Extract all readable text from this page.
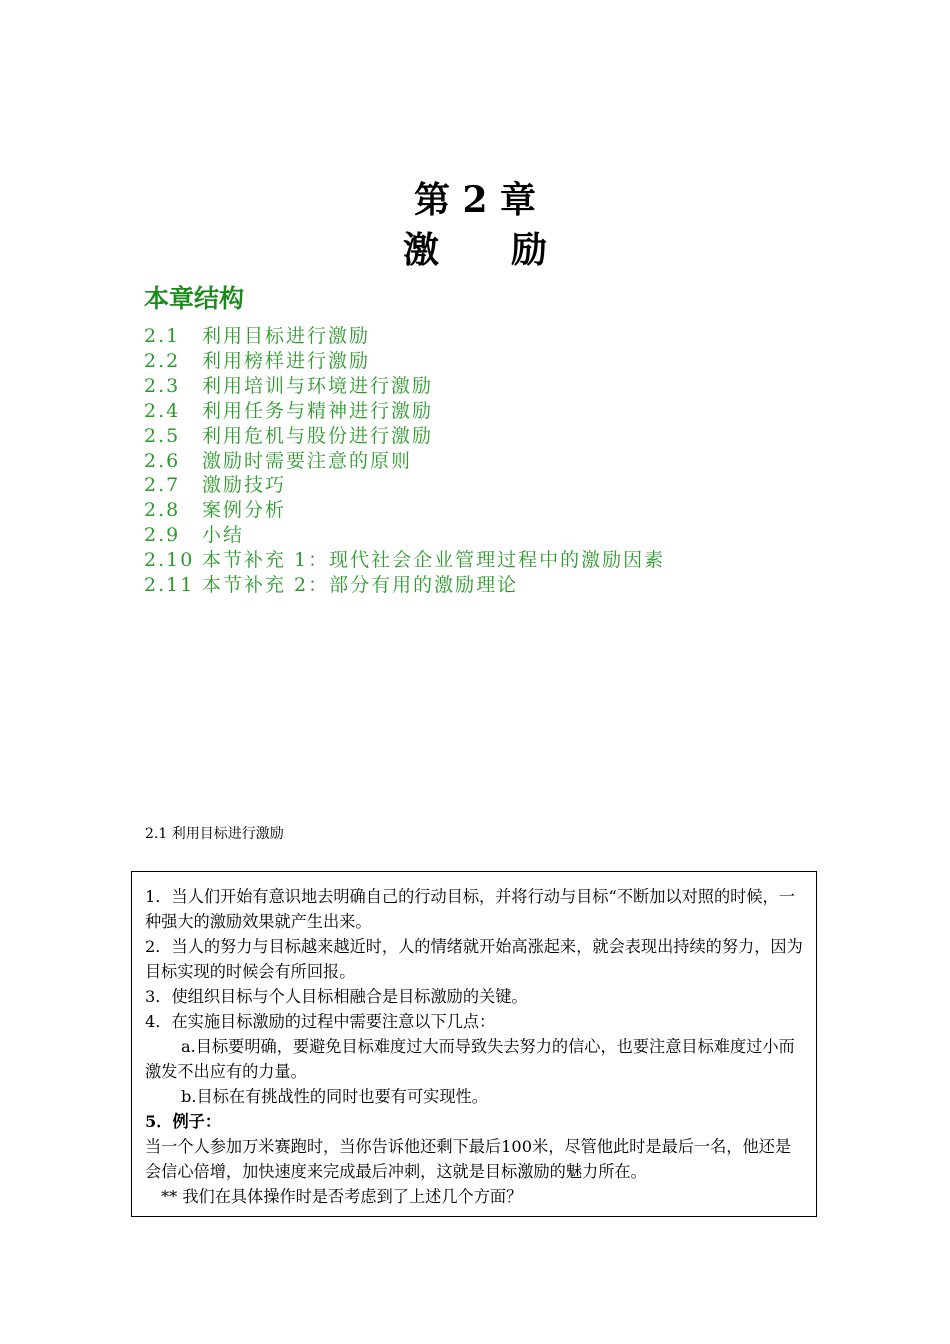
第 2 章
激励
本章结构
2.1 利用目标进行激励
2.2 利用榜样进行激励
2.3 利用培训与环境进行激励
2.4 利用任务与精神进行激励
2.5 利用危机与股份进行激励
2.6 激励时需要注意的原则
2.7 激励技巧
2.8 案例分析
2.9 小结
2.10 本节补充 1：现代社会企业管理过程中的激励因素
2.11 本节补充 2：部分有用的激励理论
2.1 利用目标进行激励

1．当人们开始有意识地去明确自己的行动目标，并将行动与目标“不断加以对照的时候，一种强大的激励效果就产生出来。

2．当人的努力与目标越来越近时，人的情绪就开始高涨起来，就会表现出持续的努力，因为目标实现的时候会有所回报。

3．使组织目标与个人目标相融合是目标激励的关键。

4．在实施目标激励的过程中需要注意以下几点：

a.目标要明确，要避免目标难度过大而导致失去努力的信心，也要注意目标难度过小而激发不出应有的力量。

b.目标在有挑战性的同时也要有可实现性。

5．例子：

当一个人参加万米赛跑时，当你告诉他还剩下最后100米，尽管他此时是最后一名，他还是会信心倍增，加快速度来完成最后冲刺，这就是目标激励的魅力所在。

** 我们在具体操作时是否考虑到了上述几个方面？
